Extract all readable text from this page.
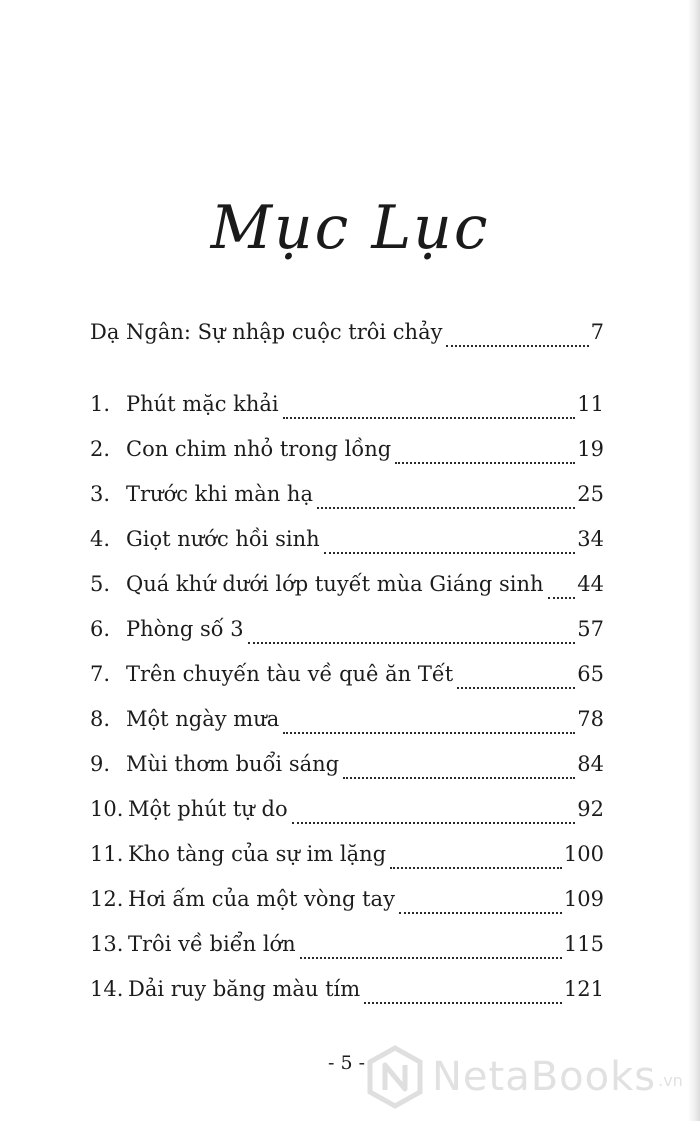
Mục Lục
Dạ Ngân: Sự nhập cuộc trôi chảy	7
1. Phút mặc khải	11
2. Con chim nhỏ trong lồng	19
3. Trước khi màn hạ	25
4. Giọt nước hồi sinh	34
5. Quá khứ dưới lớp tuyết mùa Giáng sinh 44
6. Phòng số 3	57
7. Trên chuyến tàu về quê ăn Tết	65
8. Một ngày mưa	78
9. Mùi thơm buổi sáng	84
10. Một phút tự do	92
11. Kho tàng của sự im lặng	100
12. Hơi ấm của một vòng tay	109
13. Trôi về biển lớn	115
14. Dải ruy băng màu tím	121
- 5 - NetaBooks .vn
